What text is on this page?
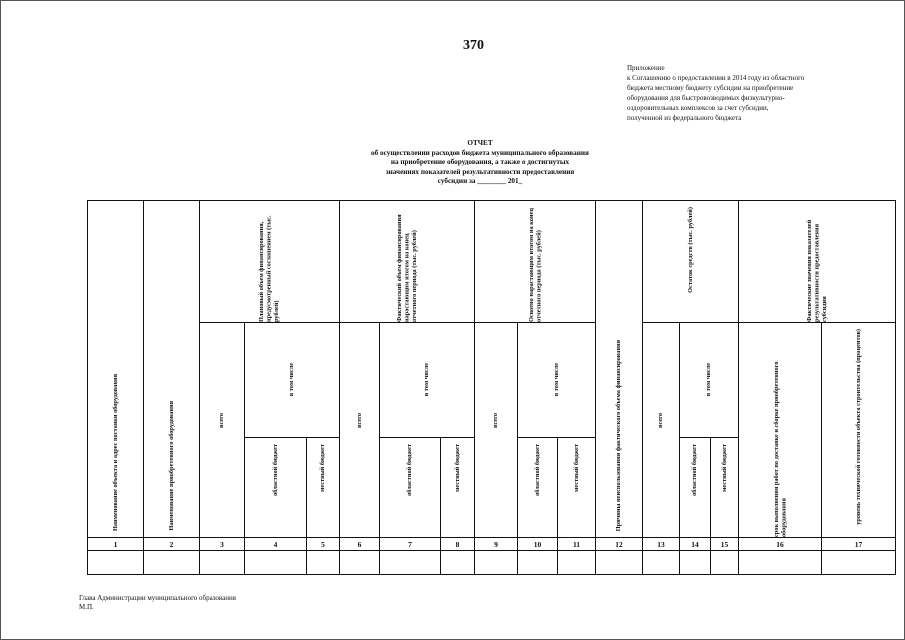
370
Приложение
к Соглашению о предоставлении в 2014 году из областного
бюджета местному бюджету субсидии на приобретение
оборудования для быстровозводимых физкультурно-
оздоровительных комплексов за счет субсидии,
полученной из федерального бюджета
ОТЧЕТ
об осуществлении расходов бюджета муниципального образования
на приобретение оборудования, а также о достигнутых
значениях показателей результативности предоставления
субсидии за ________ 201_
Наименование объекта и адрес поставки оборудования	Наименование приобретенного оборудования	Плановый объем финансирования, предусмотренный соглашением (тыс. рублей)			Фактический объем финансирования нарастающим итогом на конец отчетного периода (тыс. рублей)			Освоено нарастающим итогом на конец отчетного периода (тыс. рублей)			Причины неиспользования фактического объема финансирования	Остаток средств (тыс. рублей)			Фактические значения показателей результативности предоставления субсидии	

		всего	в том числе		всего	в том числе		всего	в том числе			всего	в том числе		срок выполнения работ по доставке и сборке приобретенного оборудования	уровень технической готовности объекта строительства (процентов)

			областной бюджет	местный бюджет		областной бюджет	местный бюджет		областной бюджет	местный бюджет			областной бюджет	местный бюджет		

1	2	3	4	5	6	7	8	9	10	11	12	13	14	15	16	17

Глава Администрации муниципального образования
М.П.
